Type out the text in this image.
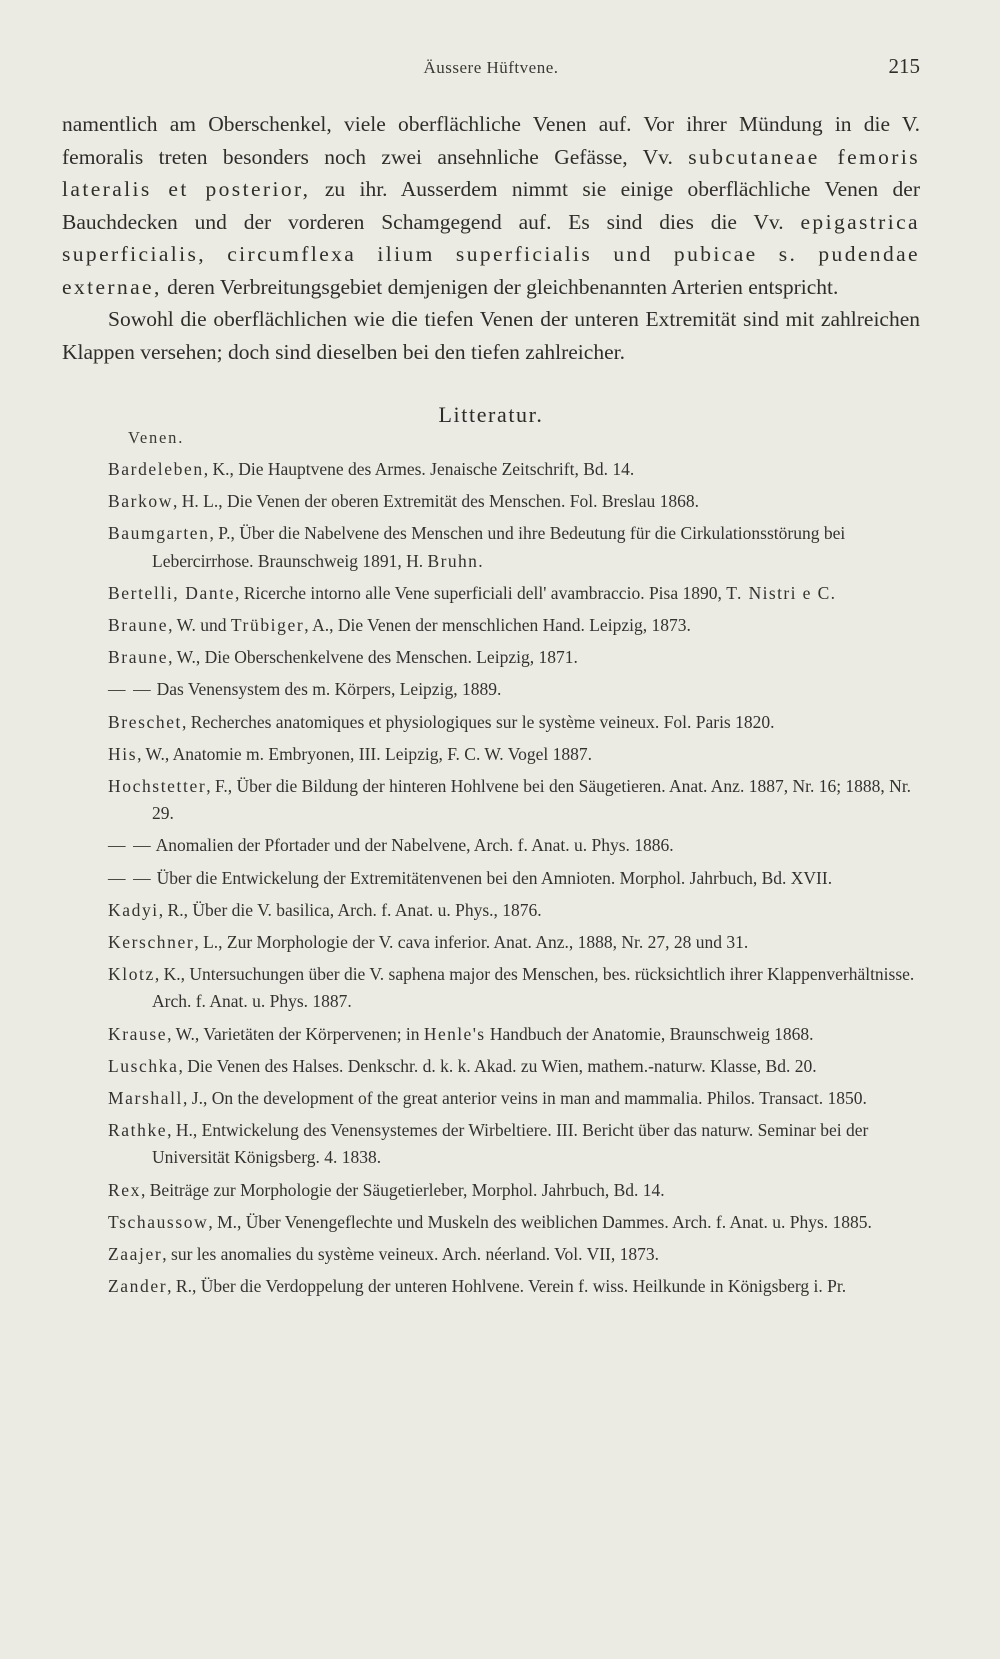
Äussere Hüftvene.	215

namentlich am Oberschenkel, viele oberflächliche Venen auf. Vor ihrer Mündung in die V. femoralis treten besonders noch zwei ansehnliche Gefässe, Vv. subcutaneae femoris lateralis et posterior, zu ihr. Ausserdem nimmt sie einige oberflächliche Venen der Bauchdecken und der vorderen Schamgegend auf. Es sind dies die Vv. epigastrica superficialis, circumflexa ilium superficialis und pubicae s. pudendae externae, deren Verbreitungsgebiet demjenigen der gleichbenannten Arterien entspricht.

Sowohl die oberflächlichen wie die tiefen Venen der unteren Extremität sind mit zahlreichen Klappen versehen; doch sind dieselben bei den tiefen zahlreicher.

Litteratur.
Venen.
Bardeleben, K., Die Hauptvene des Armes. Jenaische Zeitschrift, Bd. 14.
Barkow, H. L., Die Venen der oberen Extremität des Menschen. Fol. Breslau 1868.
Baumgarten, P., Über die Nabelvene des Menschen und ihre Bedeutung für die Cirkulationsstörung bei Lebercirrhose. Braunschweig 1891, H. Bruhn.
Bertelli, Dante, Ricerche intorno alle Vene superficiali dell' avambraccio. Pisa 1890, T. Nistri e C.
Braune, W. und Trübiger, A., Die Venen der menschlichen Hand. Leipzig, 1873.
Braune, W., Die Oberschenkelvene des Menschen. Leipzig, 1871.
— — Das Venensystem des m. Körpers, Leipzig, 1889.
Breschet, Recherches anatomiques et physiologiques sur le système veineux. Fol. Paris 1820.
His, W., Anatomie m. Embryonen, III. Leipzig, F. C. W. Vogel 1887.
Hochstetter, F., Über die Bildung der hinteren Hohlvene bei den Säugetieren. Anat. Anz. 1887, Nr. 16; 1888, Nr. 29.
— — Anomalien der Pfortader und der Nabelvene, Arch. f. Anat. u. Phys. 1886.
— — Über die Entwickelung der Extremitätenvenen bei den Amnioten. Morphol. Jahrbuch, Bd. XVII.
Kadyi, R., Über die V. basilica, Arch. f. Anat. u. Phys., 1876.
Kerschner, L., Zur Morphologie der V. cava inferior. Anat. Anz., 1888, Nr. 27, 28 und 31.
Klotz, K., Untersuchungen über die V. saphena major des Menschen, bes. rücksichtlich ihrer Klappenverhältnisse. Arch. f. Anat. u. Phys. 1887.
Krause, W., Varietäten der Körpervenen; in Henle's Handbuch der Anatomie, Braunschweig 1868.
Luschka, Die Venen des Halses. Denkschr. d. k. k. Akad. zu Wien, mathem.-naturw. Klasse, Bd. 20.
Marshall, J., On the development of the great anterior veins in man and mammalia. Philos. Transact. 1850.
Rathke, H., Entwickelung des Venensystemes der Wirbeltiere. III. Bericht über das naturw. Seminar bei der Universität Königsberg. 4. 1838.
Rex, Beiträge zur Morphologie der Säugetierleber, Morphol. Jahrbuch, Bd. 14.
Tschaussow, M., Über Venengeflechte und Muskeln des weiblichen Dammes. Arch. f. Anat. u. Phys. 1885.
Zaajer, sur les anomalies du système veineux. Arch. néerland. Vol. VII, 1873.
Zander, R., Über die Verdoppelung der unteren Hohlvene. Verein f. wiss. Heilkunde in Königsberg i. Pr.
